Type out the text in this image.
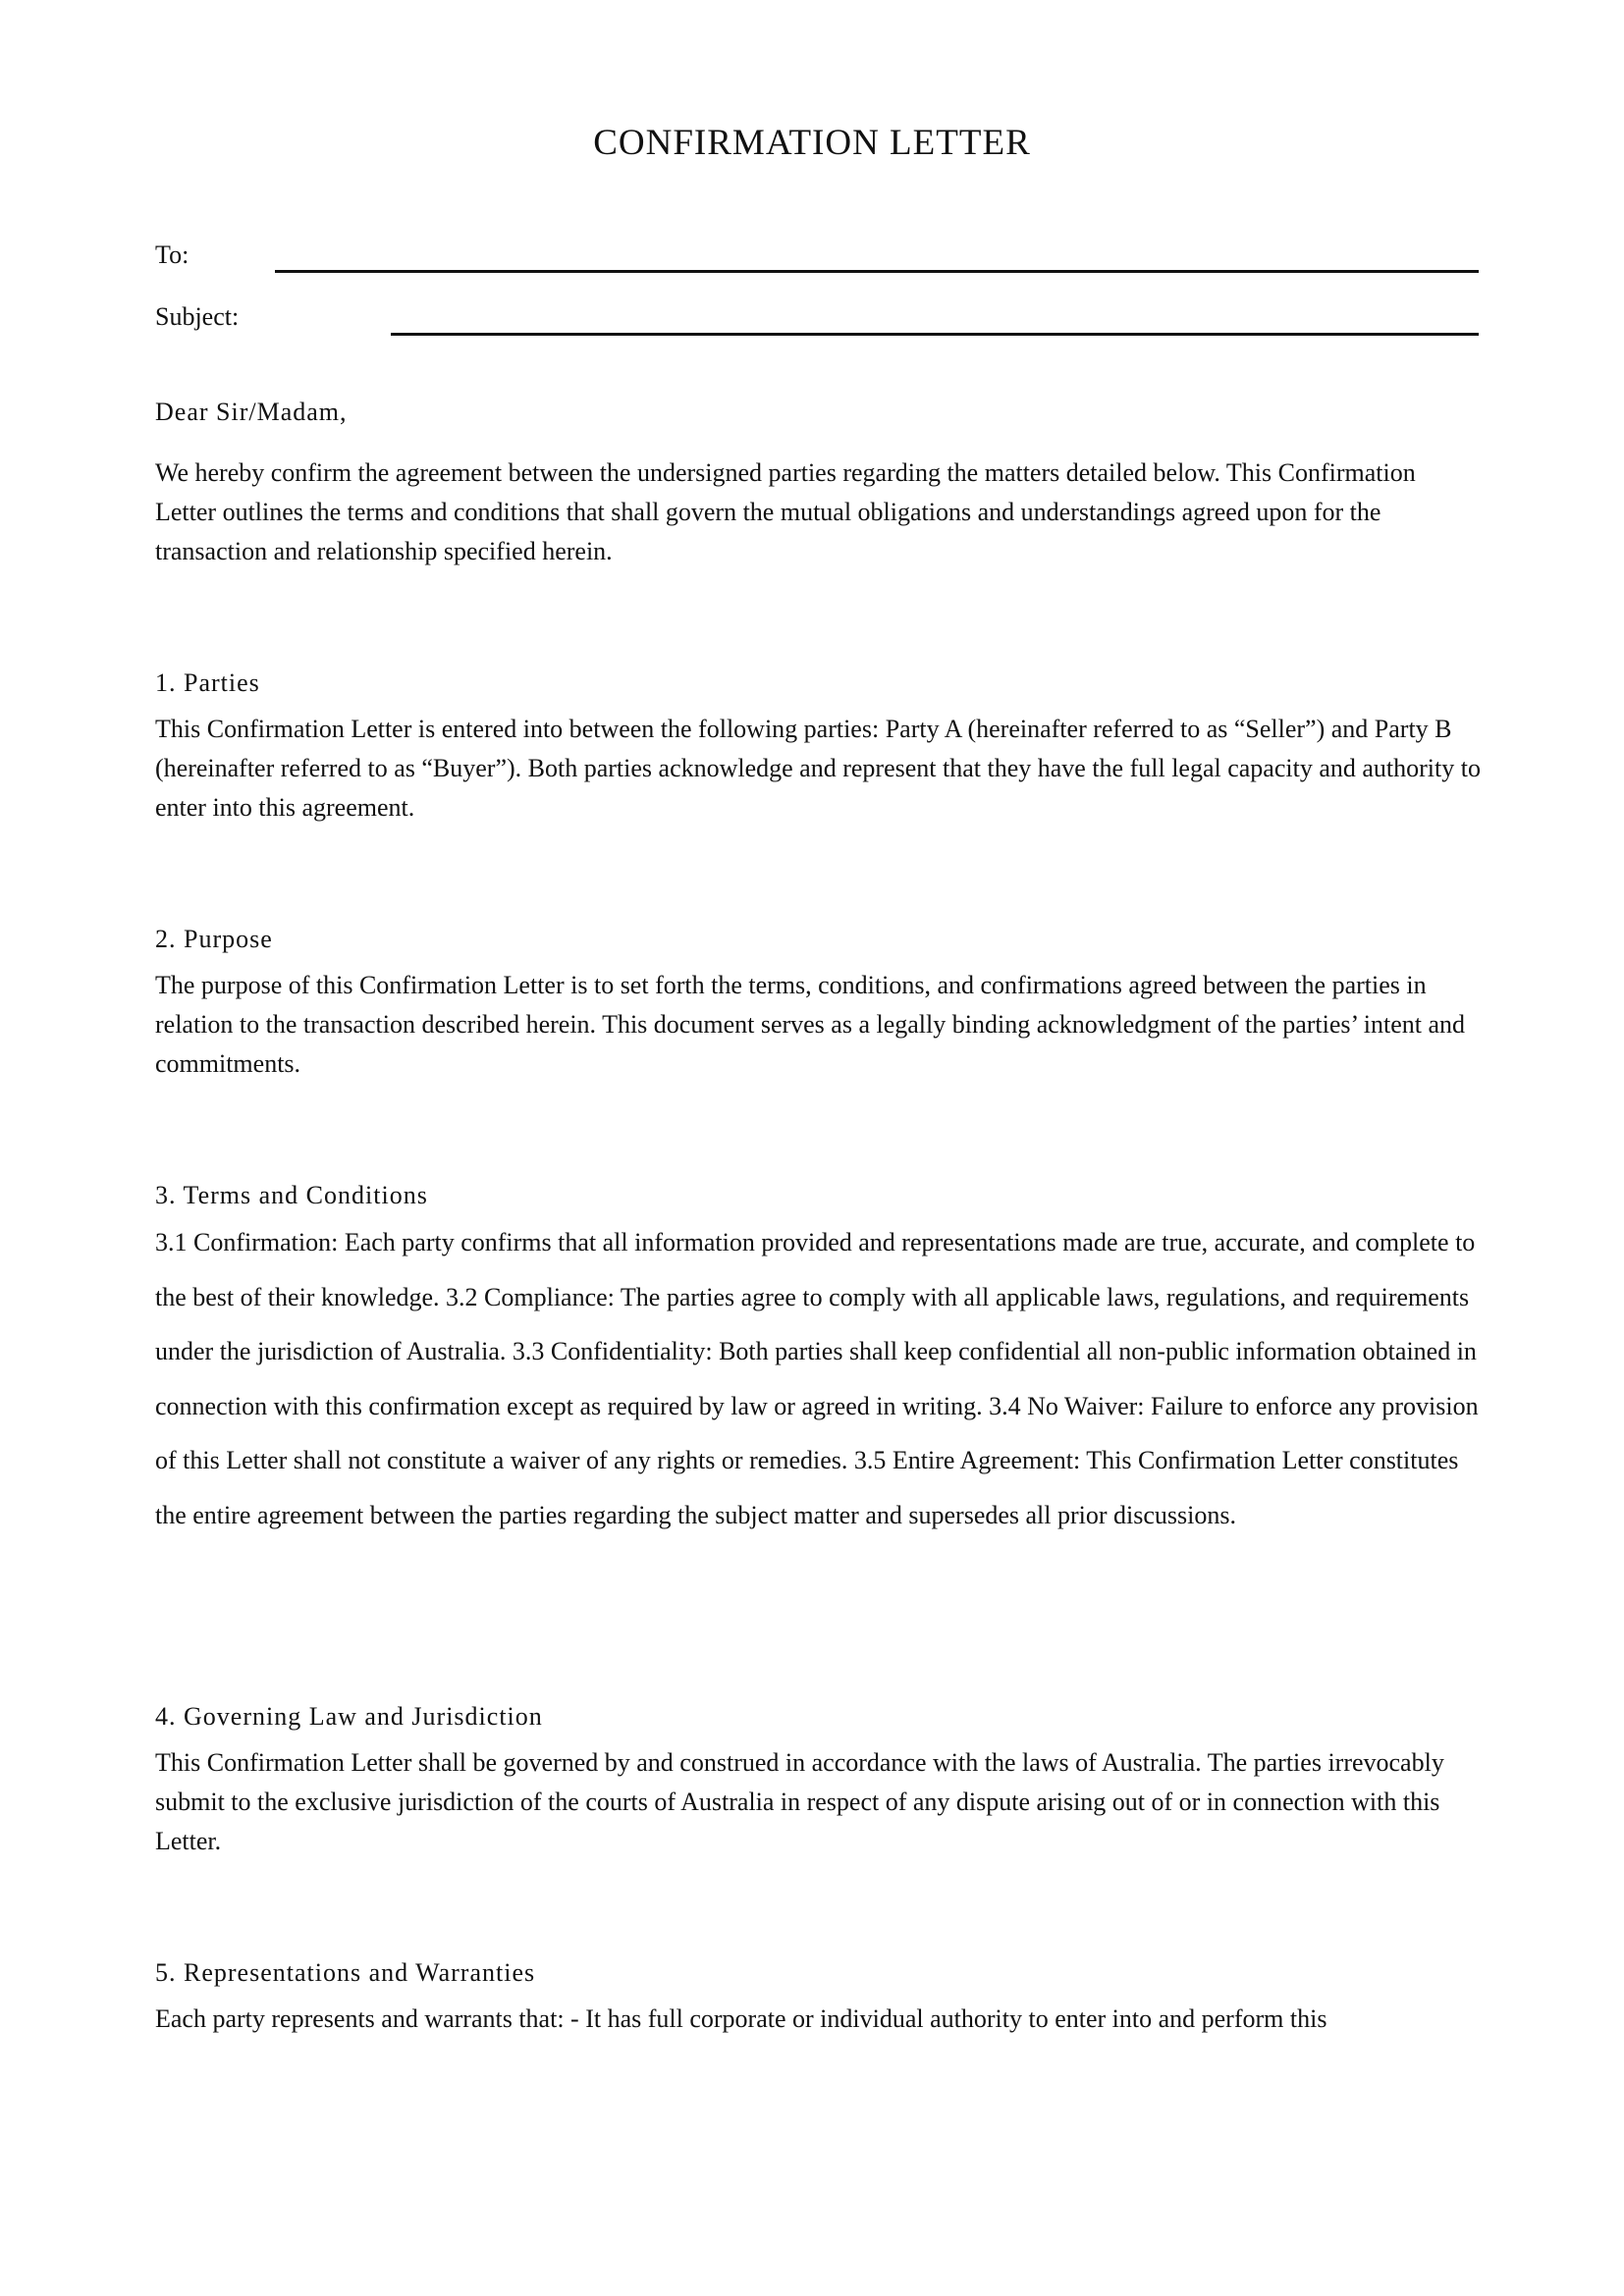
CONFIRMATION LETTER
To:
Subject:
Dear Sir/Madam,

We hereby confirm the agreement between the undersigned parties regarding the matters detailed below. This Confirmation Letter outlines the terms and conditions that shall govern the mutual obligations and understandings agreed upon for the transaction and relationship specified herein.

1. Parties

This Confirmation Letter is entered into between the following parties: Party A (hereinafter referred to as “Seller”) and Party B (hereinafter referred to as “Buyer”). Both parties acknowledge and represent that they have the full legal capacity and authority to enter into this agreement.

2. Purpose

The purpose of this Confirmation Letter is to set forth the terms, conditions, and confirmations agreed between the parties in relation to the transaction described herein. This document serves as a legally binding acknowledgment of the parties’ intent and commitments.

3. Terms and Conditions

3.1 Confirmation: Each party confirms that all information provided and representations made are true, accurate, and complete to the best of their knowledge. 3.2 Compliance: The parties agree to comply with all applicable laws, regulations, and requirements under the jurisdiction of Australia. 3.3 Confidentiality: Both parties shall keep confidential all non-public information obtained in connection with this confirmation except as required by law or agreed in writing. 3.4 No Waiver: Failure to enforce any provision of this Letter shall not constitute a waiver of any rights or remedies. 3.5 Entire Agreement: This Confirmation Letter constitutes the entire agreement between the parties regarding the subject matter and supersedes all prior discussions.

4. Governing Law and Jurisdiction

This Confirmation Letter shall be governed by and construed in accordance with the laws of Australia. The parties irrevocably submit to the exclusive jurisdiction of the courts of Australia in respect of any dispute arising out of or in connection with this Letter.

5. Representations and Warranties

Each party represents and warrants that: - It has full corporate or individual authority to enter into and perform this
